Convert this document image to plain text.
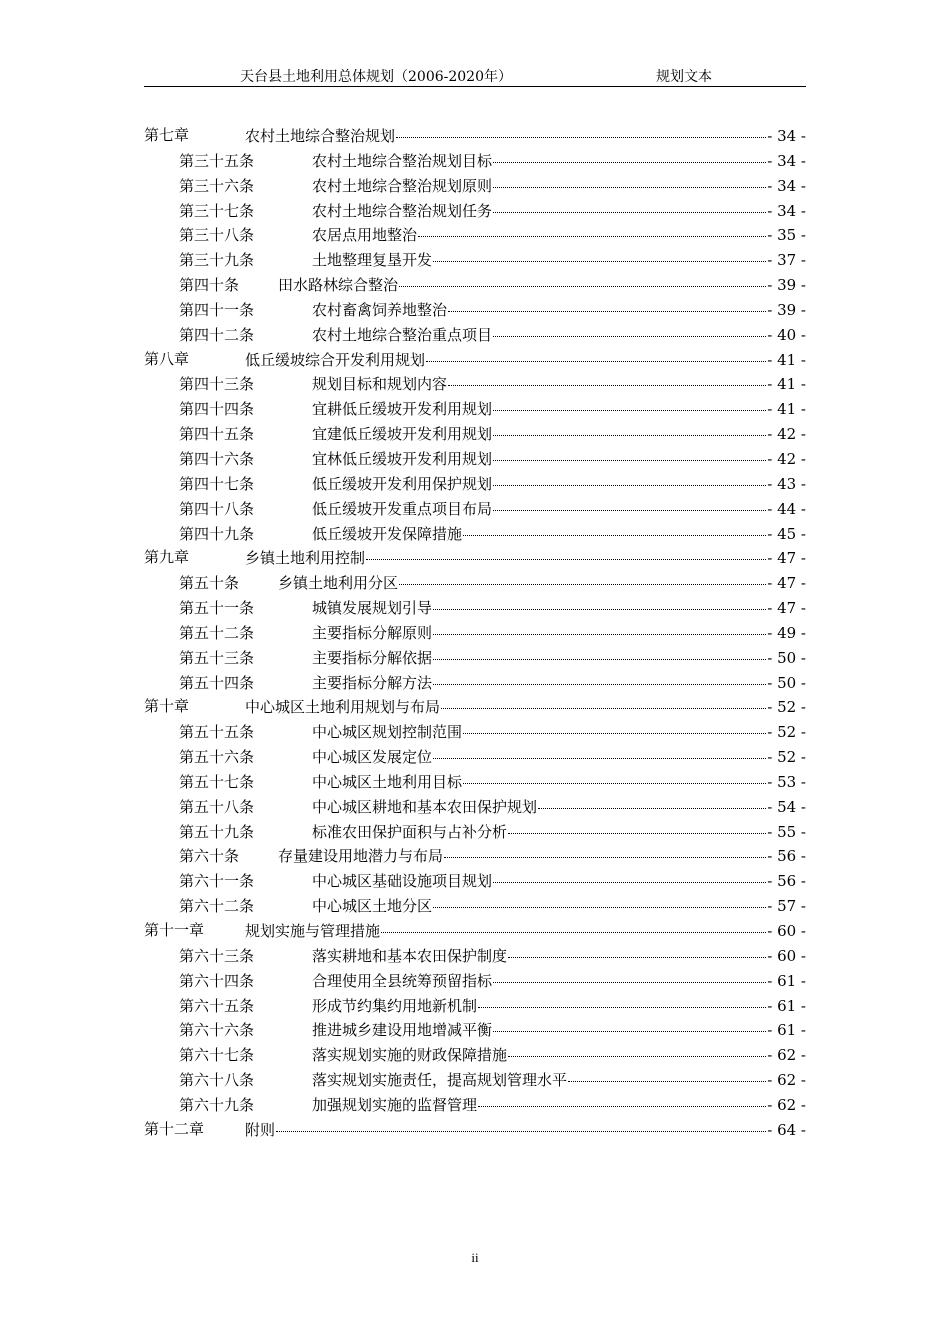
天台县土地利用总体规划（2006-2020年）	规划文本
第七章	农村土地综合整治规划	- 34 -
第三十五条	农村土地综合整治规划目标	- 34 -
第三十六条	农村土地综合整治规划原则	- 34 -
第三十七条	农村土地综合整治规划任务	- 34 -
第三十八条	农居点用地整治	- 35 -
第三十九条	土地整理复垦开发	- 37 -
第四十条	田水路林综合整治	- 39 -
第四十一条	农村畜禽饲养地整治	- 39 -
第四十二条	农村土地综合整治重点项目	- 40 -
第八章	低丘缓坡综合开发利用规划	- 41 -
第四十三条	规划目标和规划内容	- 41 -
第四十四条	宜耕低丘缓坡开发利用规划	- 41 -
第四十五条	宜建低丘缓坡开发利用规划	- 42 -
第四十六条	宜林低丘缓坡开发利用规划	- 42 -
第四十七条	低丘缓坡开发利用保护规划	- 43 -
第四十八条	低丘缓坡开发重点项目布局	- 44 -
第四十九条	低丘缓坡开发保障措施	- 45 -
第九章	乡镇土地利用控制	- 47 -
第五十条	乡镇土地利用分区	- 47 -
第五十一条	城镇发展规划引导	- 47 -
第五十二条	主要指标分解原则	- 49 -
第五十三条	主要指标分解依据	- 50 -
第五十四条	主要指标分解方法	- 50 -
第十章	中心城区土地利用规划与布局	- 52 -
第五十五条	中心城区规划控制范围	- 52 -
第五十六条	中心城区发展定位	- 52 -
第五十七条	中心城区土地利用目标	- 53 -
第五十八条	中心城区耕地和基本农田保护规划	- 54 -
第五十九条	标准农田保护面积与占补分析	- 55 -
第六十条	存量建设用地潜力与布局	- 56 -
第六十一条	中心城区基础设施项目规划	- 56 -
第六十二条	中心城区土地分区	- 57 -
第十一章	规划实施与管理措施	- 60 -
第六十三条	落实耕地和基本农田保护制度	- 60 -
第六十四条	合理使用全县统筹预留指标	- 61 -
第六十五条	形成节约集约用地新机制	- 61 -
第六十六条	推进城乡建设用地增减平衡	- 61 -
第六十七条	落实规划实施的财政保障措施	- 62 -
第六十八条	落实规划实施责任，提高规划管理水平	- 62 -
第六十九条	加强规划实施的监督管理	- 62 -
第十二章	附则	- 64 -
ii
